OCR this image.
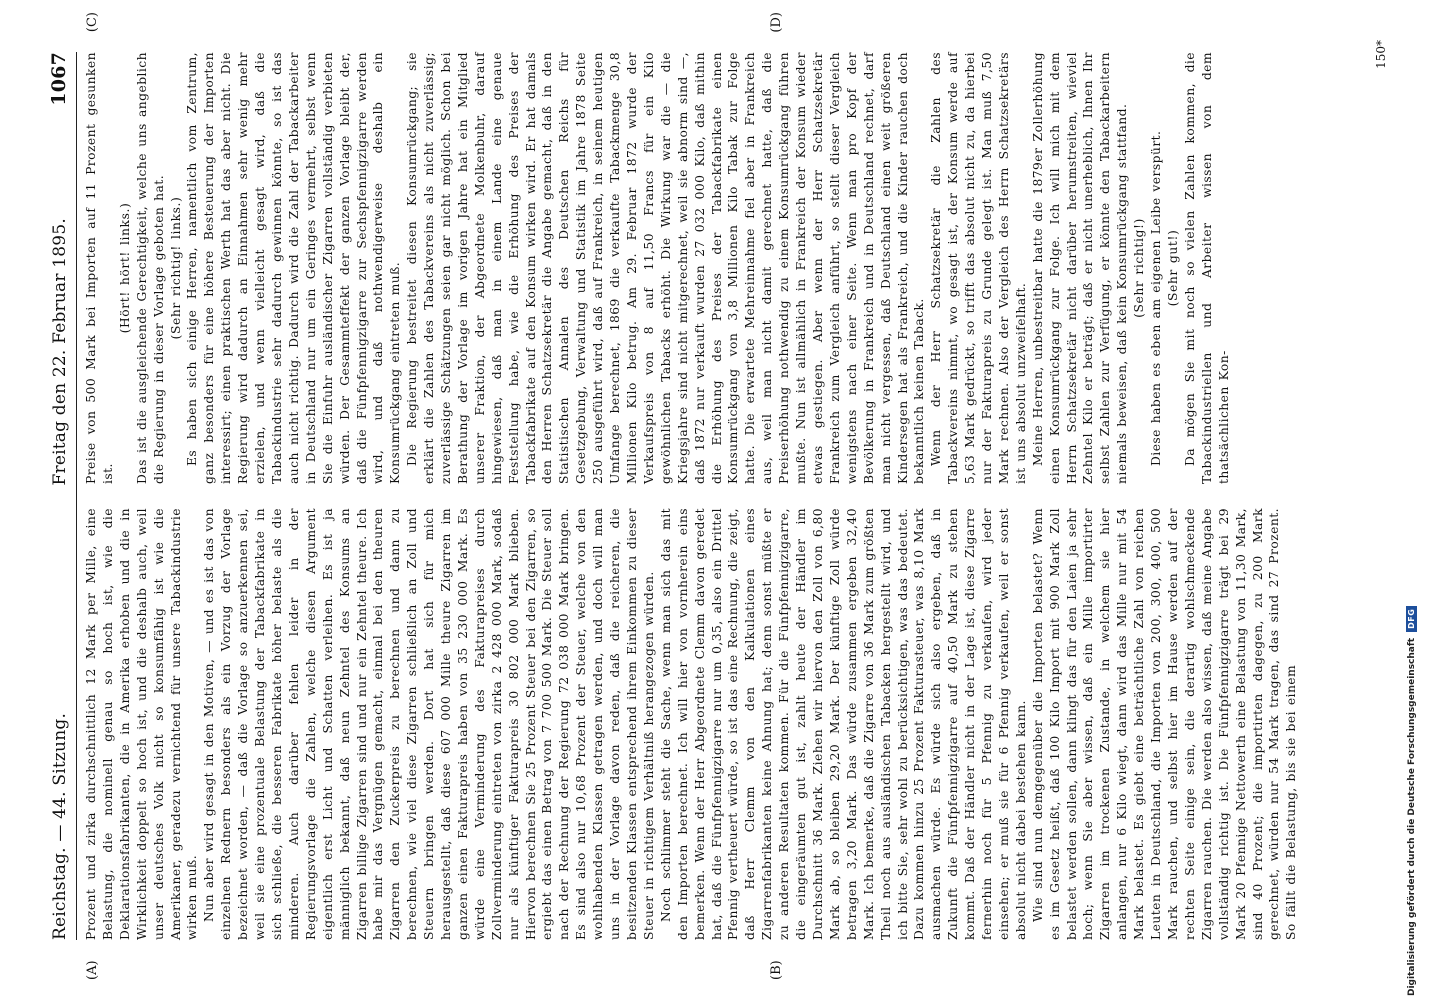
Reichstag. — 44. Sitzung.
Freitag den 22. Februar 1895.
1067
(A)	(B)
(C)	(D)

Prozent und zirka durchschnittlich 12 Mark per Mille, eine Belastung, die nominell genau so hoch ist, wie die Deklarationsfabrikanten, die in Amerika erhoben und die in Wirklichkeit doppelt so hoch ist, und die deshalb auch, weil unser deutsches Volk nicht so konsumfähig ist wie die Amerikaner, geradezu vernichtend für unsere Tabackindustrie wirken muß. Nun aber wird gesagt in den Motiven, — und es ist das von einzelnen Rednern besonders als ein Vorzug der Vorlage bezeichnet worden, — daß die Vorlage so anzuerkennen sei, weil sie eine prozentuale Belastung der Tabackfabrikate in sich schließe, die besseren Fabrikate höher belaste als die minderen. Auch darüber fehlen leider in der Regierungsvorlage die Zahlen, welche diesen Argument eigentlich erst Licht und Schatten verleihen. Es ist ja männiglich bekannt, daß neun Zehntel des Konsums an Zigarren billige Zigarren sind und nur ein Zehntel theure. Ich habe mir das Vergnügen gemacht, einmal bei den theuren Zigarren den Zuckerpreis zu berechnen und dann zu berechnen, wie viel diese Zigarren schließlich an Zoll und Steuern bringen werden. Dort hat sich für mich herausgestellt, daß diese 607 000 Mille theure Zigarren im ganzen einen Fakturapreis haben von 35 230 000 Mark. Es würde eine Verminderung des Fakturapreises durch Zollverminderung eintreten von zirka 2 428 000 Mark, sodaß nur als künftiger Fakturapreis 30 802 000 Mark blieben. Hiervon berechnen Sie 25 Prozent Steuer bei den Zigarren, so ergiebt das einen Betrag von 7 700 500 Mark. Die Steuer soll nach der Rechnung der Regierung 72 038 000 Mark bringen. Es sind also nur 10,68 Prozent der Steuer, welche von den wohlhabenden Klassen getragen werden, und doch will man uns in der Vorlage davon reden, daß die reicheren, die besitzenden Klassen entsprechend ihrem Einkommen zu dieser Steuer in richtigem Verhältniß herangezogen würden. Noch schlimmer steht die Sache, wenn man sich das mit den Importen berechnet. Ich will hier von vornherein eins bemerken. Wenn der Herr Abgeordnete Clemm davon geredet hat, daß die Fünfpfennigzigarre nur um 0,35, also ein Drittel Pfennig vertheuert würde, so ist das eine Rechnung, die zeigt, daß Herr Clemm von den Kalkulationen eines Zigarrenfabrikanten keine Ahnung hat; denn sonst müßte er zu anderen Resultaten kommen. Für die Fünfpfennigzigarre, die eingeräumten gut ist, zahlt heute der Händler im Durchschnitt 36 Mark. Ziehen wir hiervon den Zoll von 6,80 Mark ab, so bleiben 29,20 Mark. Der künftige Zoll würde betragen 3,20 Mark. Das würde zusammen ergeben 32,40 Mark. Ich bemerke, daß die Zigarre von 36 Mark zum größten Theil noch aus ausländischen Tabacken hergestellt wird, und ich bitte Sie, sehr wohl zu berücksichtigen, was das bedeutet. Dazu kommen hinzu 25 Prozent Fakturasteuer, was 8,10 Mark ausmachen würde. Es würde sich also ergeben, daß in Zukunft die Fünfpfennigzigarre auf 40,50 Mark zu stehen kommt. Daß der Händler nicht in der Lage ist, diese Zigarre fernerhin noch für 5 Pfennig zu verkaufen, wird jeder einsehen; er muß sie für 6 Pfennig verkaufen, weil er sonst absolut nicht dabei bestehen kann. Wie sind nun demgegenüber die Importen belastet? Wenn es im Gesetz heißt, daß 100 Kilo Import mit 900 Mark Zoll belastet werden sollen, dann klingt das für den Laien ja sehr hoch; wenn Sie aber wissen, daß ein Mille importirter Zigarren im trockenen Zustande, in welchem sie hier anlangen, nur 6 Kilo wiegt, dann wird das Mille nur mit 54 Mark belastet. Es giebt eine beträchtliche Zahl von reichen Leuten in Deutschland, die Importen von 200, 300, 400, 500 Mark rauchen, und selbst hier im Hause werden auf der rechten Seite einige sein, die derartig wohlschmeckende Zigarren rauchen. Die werden also wissen, daß meine Angabe vollständig richtig ist. Die Fünfpfennigzigarre trägt bei 29 Mark 20 Pfennige Nettowerth eine Belastung von 11,30 Mark, sind 40 Prozent; die importirten dagegen, zu 200 Mark gerechnet, würden nur 54 Mark tragen, das sind 27 Prozent. So fällt die Belastung, bis sie bei einem

Preise von 500 Mark bei Importen auf 11 Prozent gesunken ist.

(Hört! hört! links.) Das ist die ausgleichende Gerechtigkeit, welche uns angeblich die Regierung in dieser Vorlage geboten hat. (Sehr richtig! links.) Es haben sich einige Herren, namentlich vom Zentrum, ganz besonders für eine höhere Besteuerung der Importen interessirt; einen praktischen Werth hat das aber nicht. Die Regierung wird dadurch an Einnahmen sehr wenig mehr erzielen, und wenn vielleicht gesagt wird, daß die Tabackindustrie sehr dadurch gewinnen könnte, so ist das auch nicht richtig. Dadurch wird die Zahl der Tabackarbeiter in Deutschland nur um ein Geringes vermehrt, selbst wenn Sie die Einfuhr ausländischer Zigarren vollständig verbieten würden. Der Gesammteffekt der ganzen Vorlage bleibt der, daß die Fünfpfennigzigarre zur Sechspfennigzigarre werden wird, und daß nothwendigerweise deshalb ein Konsumrückgang eintreten muß. Die Regierung bestreitet diesen Konsumrückgang; sie erklärt die Zahlen des Tabackvereins als nicht zuverlässig; zuverlässige Schätzungen seien gar nicht möglich. Schon bei Berathung der Vorlage im vorigen Jahre hat ein Mitglied unserer Fraktion, der Abgeordnete Molkenbuhr, darauf hingewiesen, daß man in einem Lande eine genaue Feststellung habe, wie die Erhöhung des Preises der Tabackfabrikate auf den Konsum wirken wird. Er hat damals den Herren Schatzsekretär die Angabe gemacht, daß in den Statistischen Annalen des Deutschen Reichs für Gesetzgebung, Verwaltung und Statistik im Jahre 1878 Seite 250 ausgeführt wird, daß auf Frankreich, in seinem heutigen Umfange berechnet, 1869 die verkaufte Tabackmenge 30,8 Millionen Kilo betrug. Am 29. Februar 1872 wurde der Verkaufspreis von 8 auf 11,50 Francs für ein Kilo gewöhnlichen Tabacks erhöht. Die Wirkung war die — die Kriegsjahre sind nicht mitgerechnet, weil sie abnorm sind —, daß 1872 nur verkauft wurden 27 032 000 Kilo, daß mithin die Erhöhung des Preises der Tabackfabrikate einen Konsumrückgang von 3,8 Millionen Kilo Tabak zur Folge hatte. Die erwartete Mehreinnahme fiel aber in Frankreich aus, weil man nicht damit gerechnet hatte, daß die Preiserhöhung nothwendig zu einem Konsumrückgang führen mußte. Nun ist allmählich in Frankreich der Konsum wieder etwas gestiegen. Aber wenn der Herr Schatzsekretär Frankreich zum Vergleich anführt, so stellt dieser Vergleich wenigstens nach einer Seite. Wenn man pro Kopf der Bevölkerung in Frankreich und in Deutschland rechnet, darf man nicht vergessen, daß Deutschland einen weit größeren Kindersegen hat als Frankreich, und die Kinder rauchen doch bekanntlich keinen Taback. Wenn der Herr Schatzsekretär die Zahlen des Tabackvereins nimmt, wo gesagt ist, der Konsum werde auf 5,63 Mark gedrückt, so trifft das absolut nicht zu, da hierbei nur der Fakturapreis zu Grunde gelegt ist. Man muß 7,50 Mark rechnen. Also der Vergleich des Herrn Schatzsekretärs ist uns absolut unzweifelhaft. Meine Herren, unbestreitbar hatte die 1879er Zollerhöhung einen Konsumrückgang zur Folge. Ich will mich mit dem Herrn Schatzsekretär nicht darüber herumstreiten, wieviel Zehntel Kilo er beträgt; daß er nicht unerheblich, Ihnen Ihr selbst Zahlen zur Verfügung, er könnte den Tabackarbeitern niemals beweisen, daß kein Konsumrückgang stattfand. (Sehr richtig!) Diese haben es eben am eigenen Leibe verspürt. (Sehr gut!) Da mögen Sie mit noch so vielen Zahlen kommen, die Tabackindustriellen und Arbeiter wissen von dem thatsächlichen Kon-

150*
Digitalisierung gefördert durch die Deutsche Forschungsgemeinschaft
DFG
